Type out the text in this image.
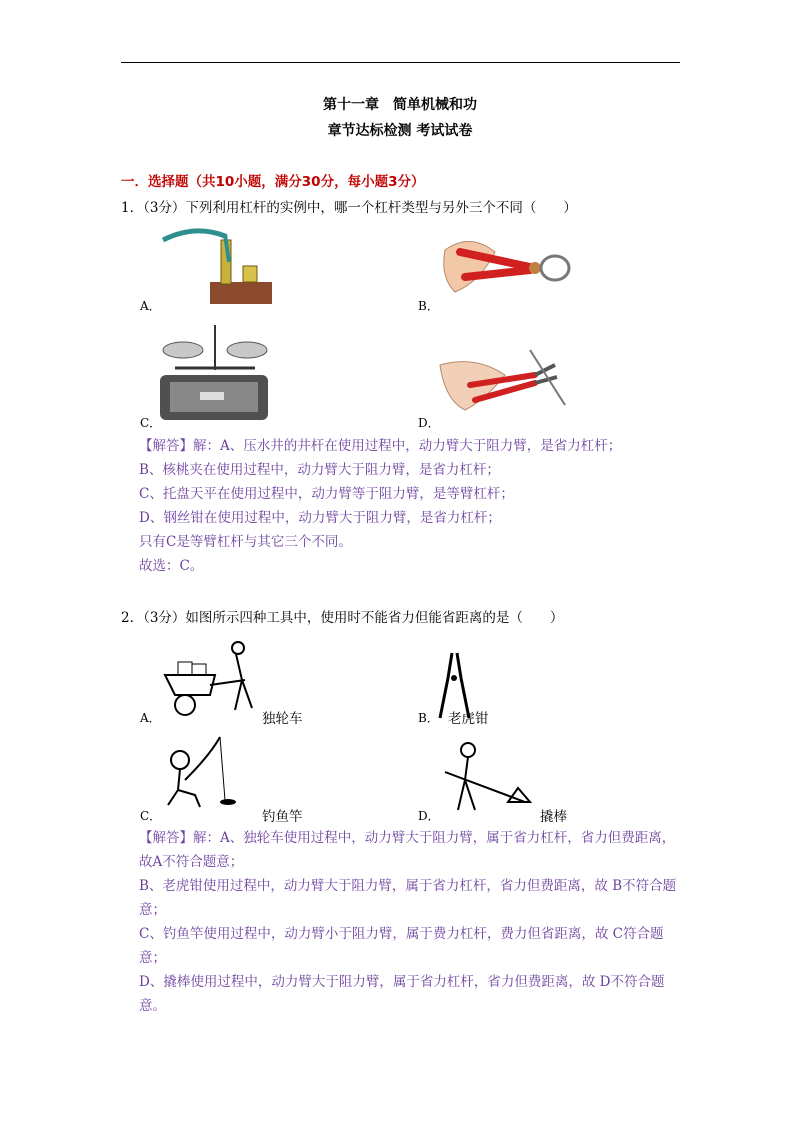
第十一章　简单机械和功
章节达标检测 考试试卷
一．选择题（共10小题，满分30分，每小题3分）
1．（3分）下列利用杠杆的实例中，哪一个杠杆类型与另外三个不同（　　）
A．	B．
C．	D．
【解答】解：A、压水井的井杆在使用过程中，动力臂大于阻力臂，是省力杠杆；
B、核桃夹在使用过程中，动力臂大于阻力臂，是省力杠杆；
C、托盘天平在使用过程中，动力臂等于阻力臂，是等臂杠杆；
D、钢丝钳在使用过程中，动力臂大于阻力臂，是省力杠杆；
只有C是等臂杠杆与其它三个不同。
故选：C。
2．（3分）如图所示四种工具中，使用时不能省力但能省距离的是（　　）
A．	独轮车	B． 老虎钳
C．	钓鱼竿	D．	撬棒
【解答】解：A、独轮车使用过程中，动力臂大于阻力臂，属于省力杠杆，省力但费距离，故A不符合题意；
B、老虎钳使用过程中，动力臂大于阻力臂，属于省力杠杆，省力但费距离，故 B不符合题意；
C、钓鱼竿使用过程中，动力臂小于阻力臂，属于费力杠杆，费力但省距离，故 C符合题意；
D、撬棒使用过程中，动力臂大于阻力臂，属于省力杠杆，省力但费距离，故 D不符合题意。
